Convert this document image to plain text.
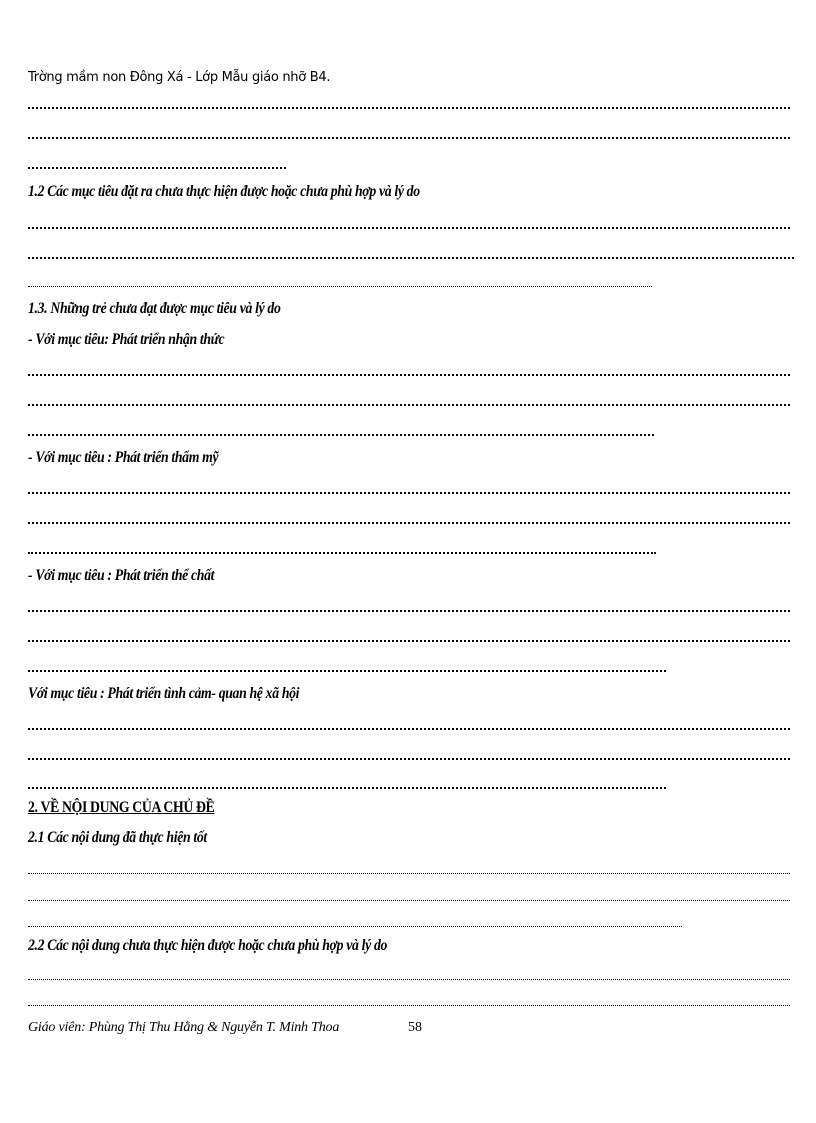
Trờng mầm non Đông Xá - Lớp Mẫu giáo nhỡ B4.
1.2 Các mục tiêu đặt ra chưa thực hiện được hoặc chưa phù hợp và lý do
1.3. Những trẻ chưa đạt được mục tiêu và lý do
- Với mục tiêu: Phát triển nhận thức
- Với mục tiêu : Phát triển thẩm mỹ
- Với mục tiêu : Phát triển thể chất
Với mục tiêu : Phát triển tình cảm- quan hệ xã hội
2. VỀ NỘI DUNG CỦA CHỦ ĐỀ
2.1 Các nội dung đã thực hiện tốt
2.2 Các nội dung chưa thực hiện được hoặc chưa phù hợp và lý do
Giáo viên: Phùng Thị Thu Hằng & Nguyễn T. Minh Thoa	58
